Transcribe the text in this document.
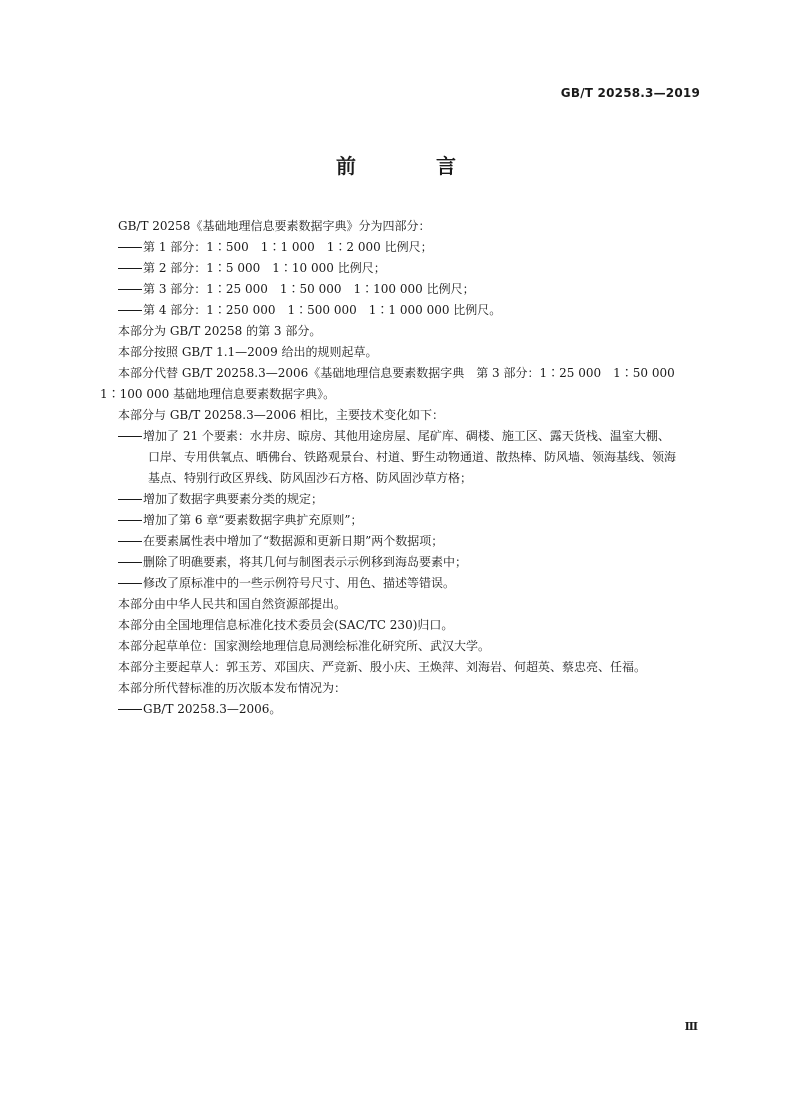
GB/T 20258.3—2019
前　言
GB/T 20258《基础地理信息要素数据字典》分为四部分：
第 1 部分：1∶500　1∶1 000　1∶2 000 比例尺；
第 2 部分：1∶5 000　1∶10 000 比例尺；
第 3 部分：1∶25 000　1∶50 000　1∶100 000 比例尺；
第 4 部分：1∶250 000　1∶500 000　1∶1 000 000 比例尺。
本部分为 GB/T 20258 的第 3 部分。
本部分按照 GB/T 1.1—2009 给出的规则起草。
本部分代替 GB/T 20258.3—2006《基础地理信息要素数据字典　第 3 部分：1∶25 000　1∶50 000
1∶100 000 基础地理信息要素数据字典》。
本部分与 GB/T 20258.3—2006 相比，主要技术变化如下：
增加了 21 个要素：水井房、晾房、其他用途房屋、尾矿库、碉楼、施工区、露天货栈、温室大棚、
口岸、专用供氧点、晒佛台、铁路观景台、村道、野生动物通道、散热棒、防风墙、领海基线、领海
基点、特别行政区界线、防风固沙石方格、防风固沙草方格；
增加了数据字典要素分类的规定；
增加了第 6 章“要素数据字典扩充原则”；
在要素属性表中增加了“数据源和更新日期”两个数据项；
删除了明礁要素，将其几何与制图表示示例移到海岛要素中；
修改了原标准中的一些示例符号尺寸、用色、描述等错误。
本部分由中华人民共和国自然资源部提出。
本部分由全国地理信息标准化技术委员会(SAC/TC 230)归口。
本部分起草单位：国家测绘地理信息局测绘标准化研究所、武汉大学。
本部分主要起草人：郭玉芳、邓国庆、严竞新、殷小庆、王焕萍、刘海岩、何超英、蔡忠亮、任福。
本部分所代替标准的历次版本发布情况为：
GB/T 20258.3—2006。
Ⅲ
